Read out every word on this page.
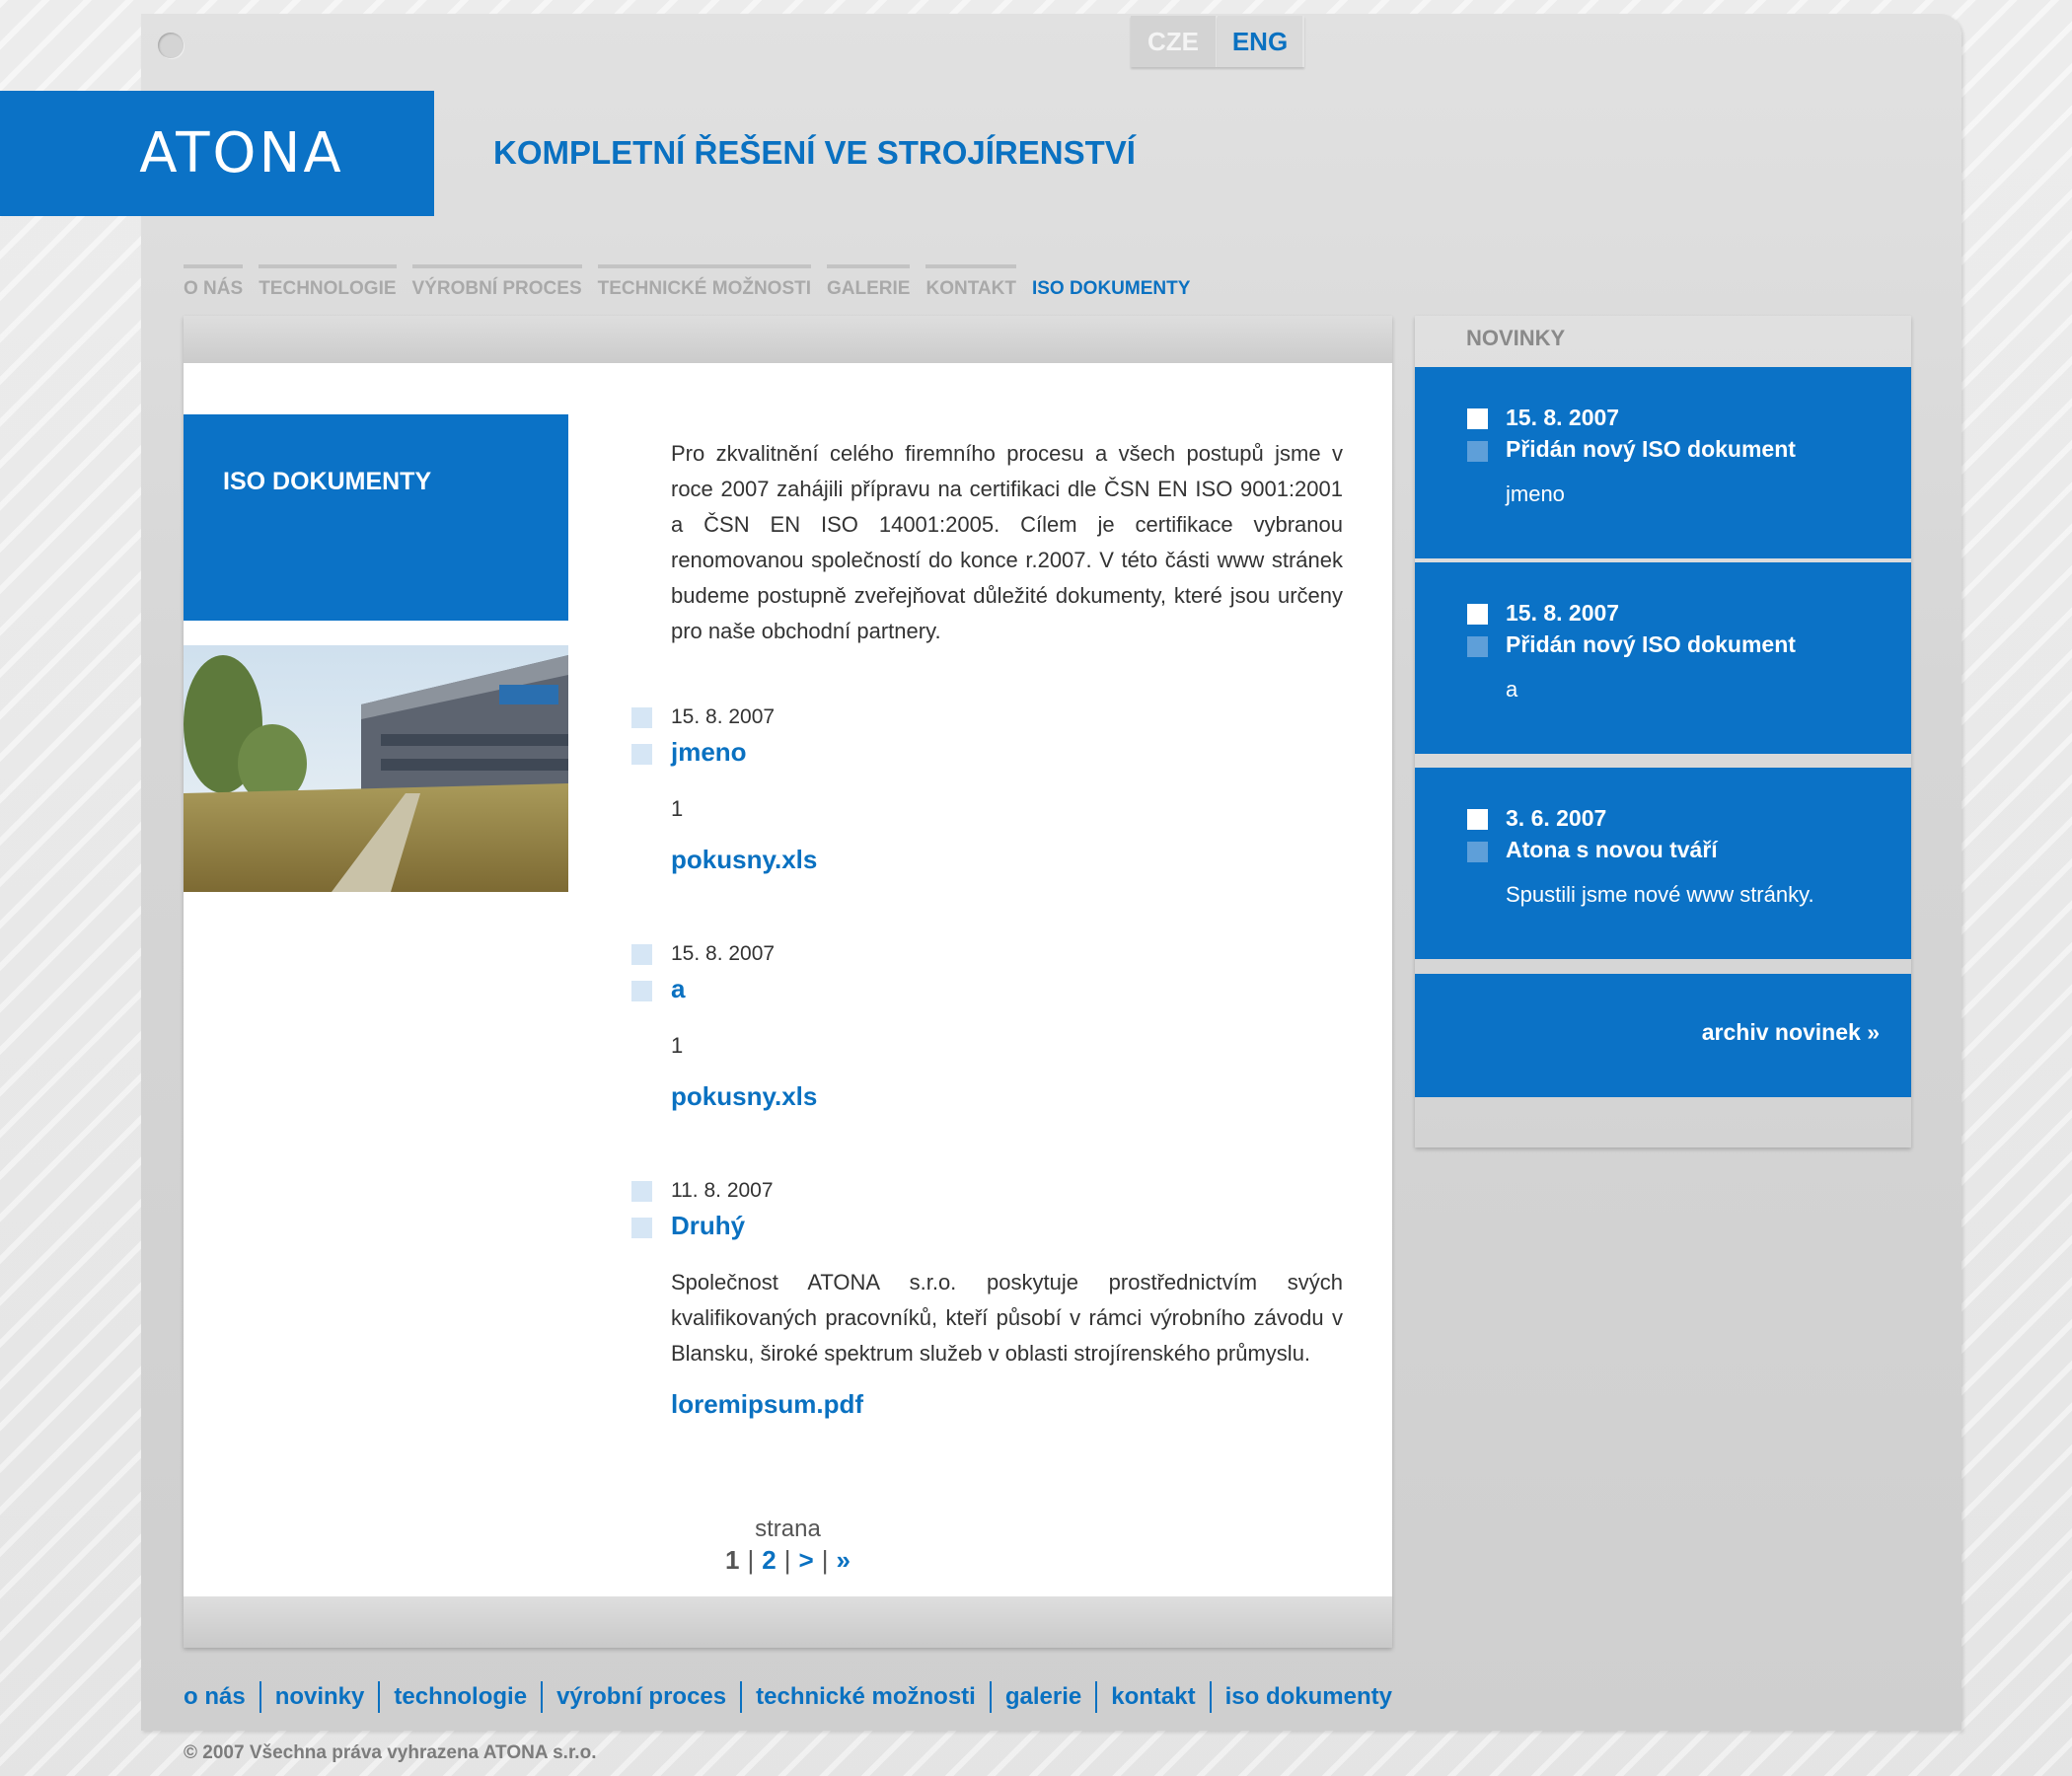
CZE	ENG
ATONA	KOMPLETNÍ ŘEŠENÍ VE STROJÍRENSTVÍ
O NÁS TECHNOLOGIE VÝROBNÍ PROCES TECHNICKÉ MOŽNOSTI GALERIE KONTAKT ISO DOKUMENTY
ISO DOKUMENTY
Pro zkvalitnění celého firemního procesu a všech postupů jsme v roce 2007 zahájili přípravu na certifikaci dle ČSN EN ISO 9001:2001 a ČSN EN ISO 14001:2005. Cílem je certifikace vybranou renomovanou společností do konce r.2007. V této části www stránek budeme postupně zveřejňovat důležité dokumenty, které jsou určeny pro naše obchodní partnery.
15. 8. 2007
jmeno
1
pokusny.xls
15. 8. 2007
a
1
pokusny.xls
11. 8. 2007
Druhý
Společnost ATONA s.r.o. poskytuje prostřednictvím svých kvalifikovaných pracovníků, kteří působí v rámci výrobního závodu v Blansku, široké spektrum služeb v oblasti strojírenského průmyslu.
loremipsum.pdf
strana
1 | 2 | > | »
NOVINKY
15. 8. 2007
Přidán nový ISO dokument
jmeno
15. 8. 2007
Přidán nový ISO dokument
a
3. 6. 2007
Atona s novou tváří
Spustili jsme nové www stránky.
archiv novinek »
o nás novinky technologie výrobní proces technické možnosti galerie kontakt iso dokumenty
© 2007 Všechna práva vyhrazena ATONA s.r.o.
